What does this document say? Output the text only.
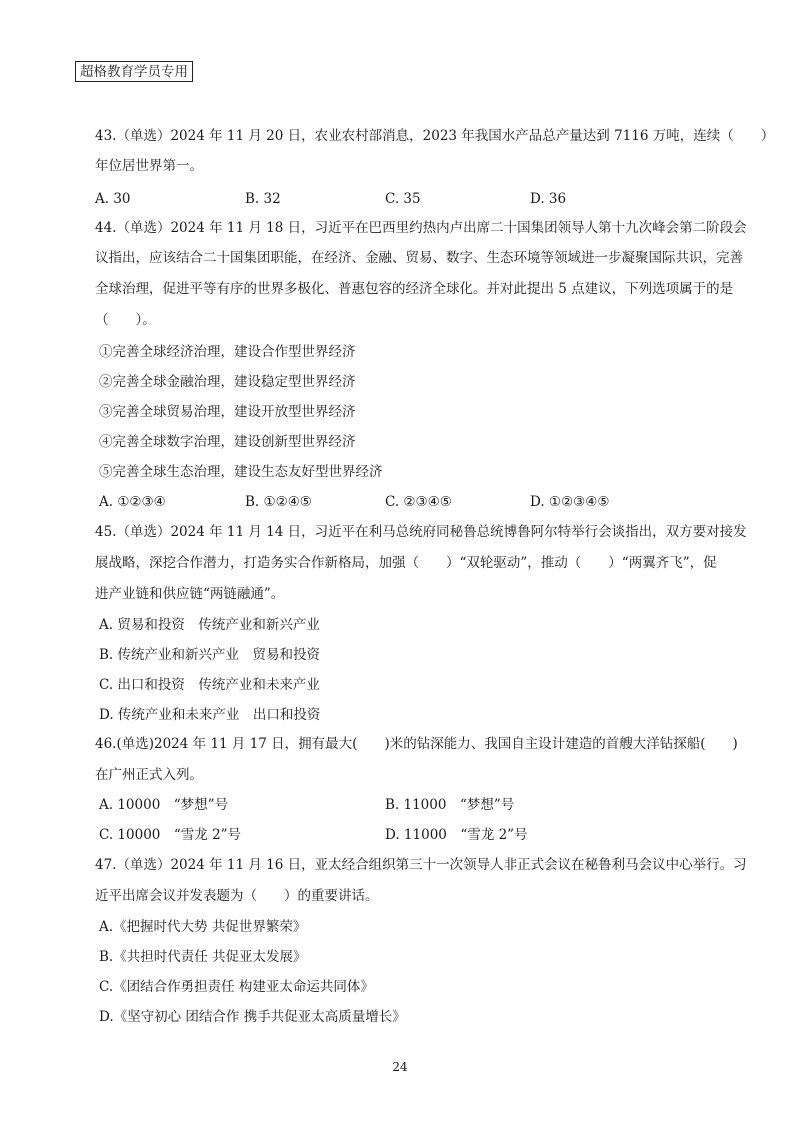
超格教育学员专用
43.（单选）2024 年 11 月 20 日，农业农村部消息，2023 年我国水产品总产量达到 7116 万吨，连续（　　）
年位居世界第一。
A. 30	B. 32	C. 35	D. 36
44.（单选）2024 年 11 月 18 日，习近平在巴西里约热内卢出席二十国集团领导人第十九次峰会第二阶段会
议指出，应该结合二十国集团职能，在经济、金融、贸易、数字、生态环境等领域进一步凝聚国际共识，完善
全球治理，促进平等有序的世界多极化、普惠包容的经济全球化。并对此提出 5 点建议，下列选项属于的是
（　　）。
①完善全球经济治理，建设合作型世界经济
②完善全球金融治理，建设稳定型世界经济
③完善全球贸易治理，建设开放型世界经济
④完善全球数字治理，建设创新型世界经济
⑤完善全球生态治理，建设生态友好型世界经济
A. ①②③④	B. ①②④⑤	C. ②③④⑤	D. ①②③④⑤
45.（单选）2024 年 11 月 14 日，习近平在利马总统府同秘鲁总统博鲁阿尔特举行会谈指出，双方要对接发
展战略，深挖合作潜力，打造务实合作新格局，加强（　　）“双轮驱动”，推动（　　）“两翼齐飞”，促
进产业链和供应链“两链融通”。
A. 贸易和投资　传统产业和新兴产业
B. 传统产业和新兴产业　贸易和投资
C. 出口和投资　传统产业和未来产业
D. 传统产业和未来产业　出口和投资
46.(单选)2024 年 11 月 17 日，拥有最大(　　)米的钻深能力、我国自主设计建造的首艘大洋钻探船(　　)
在广州正式入列。
A. 10000　“梦想”号	B. 11000　“梦想”号
C. 10000　“雪龙 2”号	D. 11000　“雪龙 2”号
47.（单选）2024 年 11 月 16 日，亚太经合组织第三十一次领导人非正式会议在秘鲁利马会议中心举行。习
近平出席会议并发表题为（　　）的重要讲话。
A.《把握时代大势 共促世界繁荣》
B.《共担时代责任 共促亚太发展》
C.《团结合作勇担责任 构建亚太命运共同体》
D.《坚守初心 团结合作 携手共促亚太高质量增长》
24
